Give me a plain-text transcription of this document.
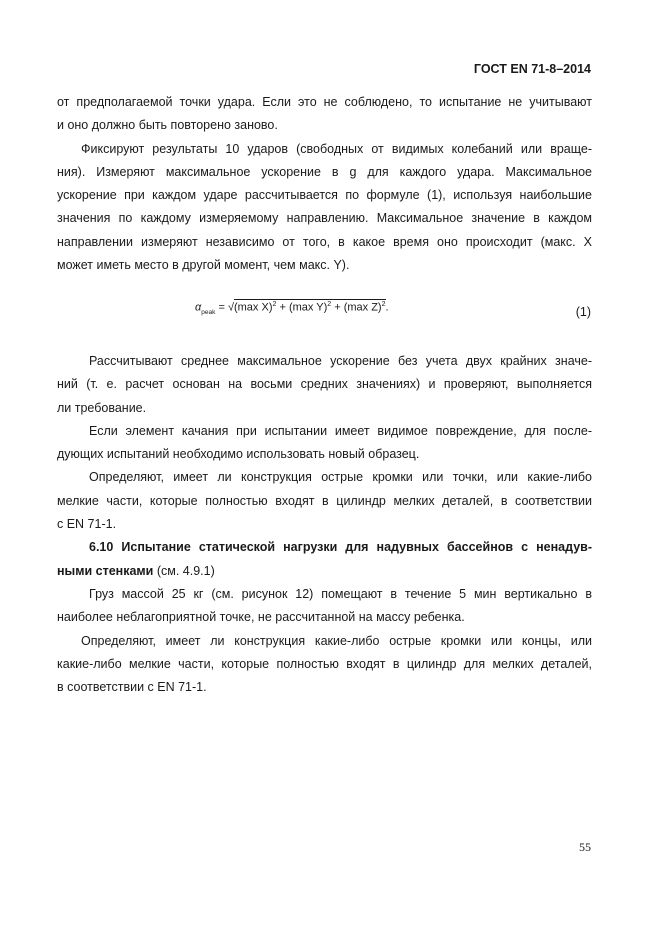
ГОСТ EN 71-8–2014

от предполагаемой точки удара. Если это не соблюдено, то испытание не учитывают
и оно должно быть повторено заново.

Фиксируют результаты 10 ударов (свободных от видимых колебаний или враще-
ния). Измеряют максимальное ускорение в g для каждого удара. Максимальное
ускорение при каждом ударе рассчитывается по формуле (1), используя наибольшие
значения по каждому измеряемому направлению. Максимальное значение в каждом
направлении измеряют независимо от того, в какое время оно происходит (макс. X
может иметь место в другой момент, чем макс. Y).

$\alpha_{peak} = √(\max$ X)$^2$ + (max Y)$^2$ + (max Z)$^2$.	(1)

Рассчитывают среднее максимальное ускорение без учета двух крайних значе-
ний (т. е. расчет основан на восьми средних значениях) и проверяют, выполняется
ли требование.

Если элемент качания при испытании имеет видимое повреждение, для после-
дующих испытаний необходимо использовать новый образец.

Определяют, имеет ли конструкция острые кромки или точки, или какие-либо
мелкие части, которые полностью входят в цилиндр мелких деталей, в соответствии
с EN 71-1.

6.10 Испытание статической нагрузки для надувных бассейнов с ненадув-
ными стенками (см. 4.9.1)

Груз массой 25 кг (см. рисунок 12) помещают в течение 5 мин вертикально в
наиболее неблагоприятной точке, не рассчитанной на массу ребенка.

Определяют, имеет ли конструкция какие-либо острые кромки или концы, или
какие-либо мелкие части, которые полностью входят в цилиндр для мелких деталей,
в соответствии с EN 71-1.

55
